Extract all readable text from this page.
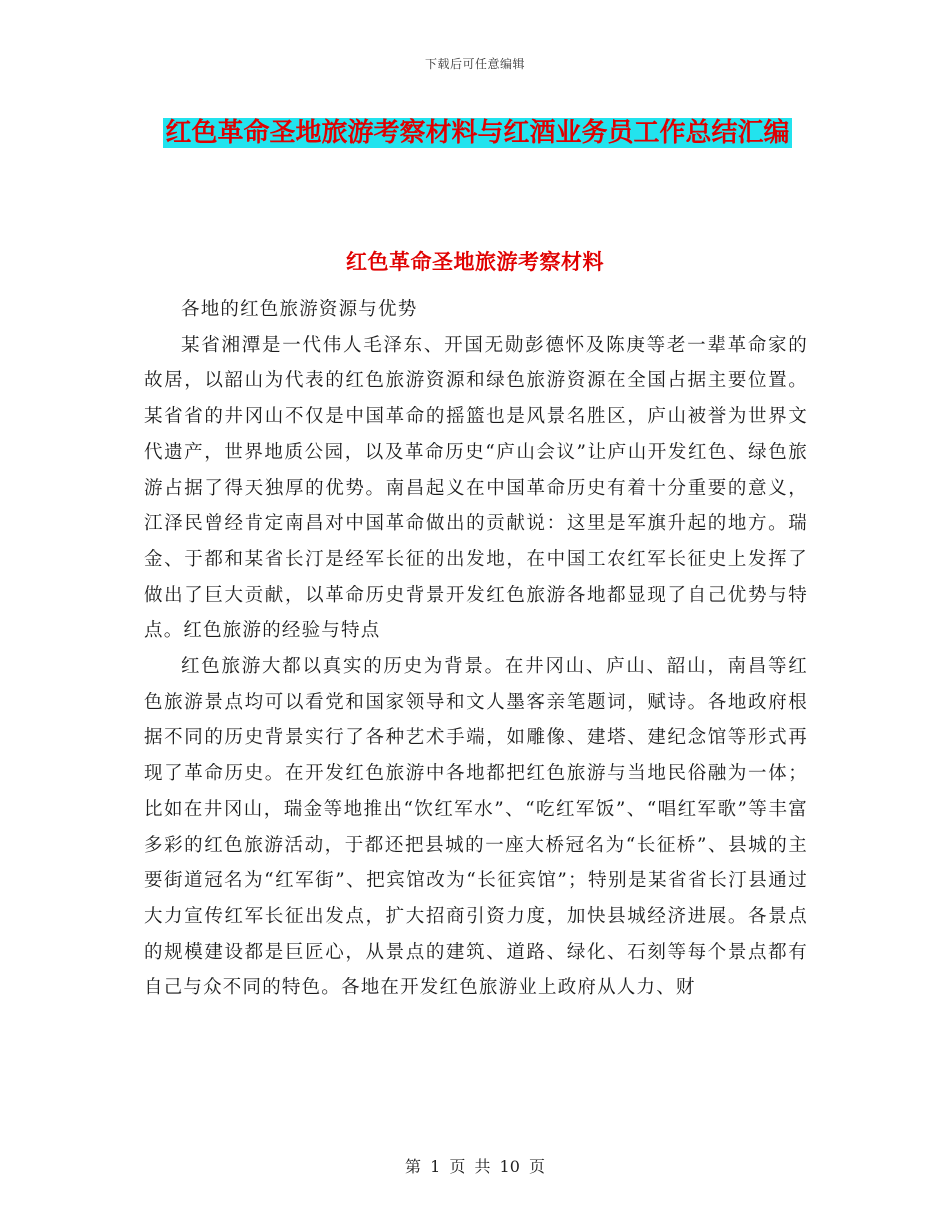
下载后可任意编辑
红色革命圣地旅游考察材料与红酒业务员工作总结汇编
红色革命圣地旅游考察材料

各地的红色旅游资源与优势

某省湘潭是一代伟人毛泽东、开国无勋彭德怀及陈庚等老一辈革命家的故居，以韶山为代表的红色旅游资源和绿色旅游资源在全国占据主要位置。某省省的井冈山不仅是中国革命的摇篮也是风景名胜区，庐山被誉为世界文代遗产，世界地质公园，以及革命历史“庐山会议”让庐山开发红色、绿色旅游占据了得天独厚的优势。南昌起义在中国革命历史有着十分重要的意义，江泽民曾经肯定南昌对中国革命做出的贡献说：这里是军旗升起的地方。瑞金、于都和某省长汀是经军长征的出发地，在中国工农红军长征史上发挥了做出了巨大贡献，以革命历史背景开发红色旅游各地都显现了自己优势与特点。红色旅游的经验与特点

红色旅游大都以真实的历史为背景。在井冈山、庐山、韶山，南昌等红色旅游景点均可以看党和国家领导和文人墨客亲笔题词，赋诗。各地政府根据不同的历史背景实行了各种艺术手端，如雕像、建塔、建纪念馆等形式再现了革命历史。在开发红色旅游中各地都把红色旅游与当地民俗融为一体；比如在井冈山，瑞金等地推出“饮红军水”、“吃红军饭”、“唱红军歌”等丰富多彩的红色旅游活动，于都还把县城的一座大桥冠名为“长征桥”、县城的主要街道冠名为“红军街”、把宾馆改为“长征宾馆”；特别是某省省长汀县通过大力宣传红军长征出发点，扩大招商引资力度，加快县城经济进展。各景点的规模建设都是巨匠心，从景点的建筑、道路、绿化、石刻等每个景点都有自己与众不同的特色。各地在开发红色旅游业上政府从人力、财

第 1 页 共 10 页
